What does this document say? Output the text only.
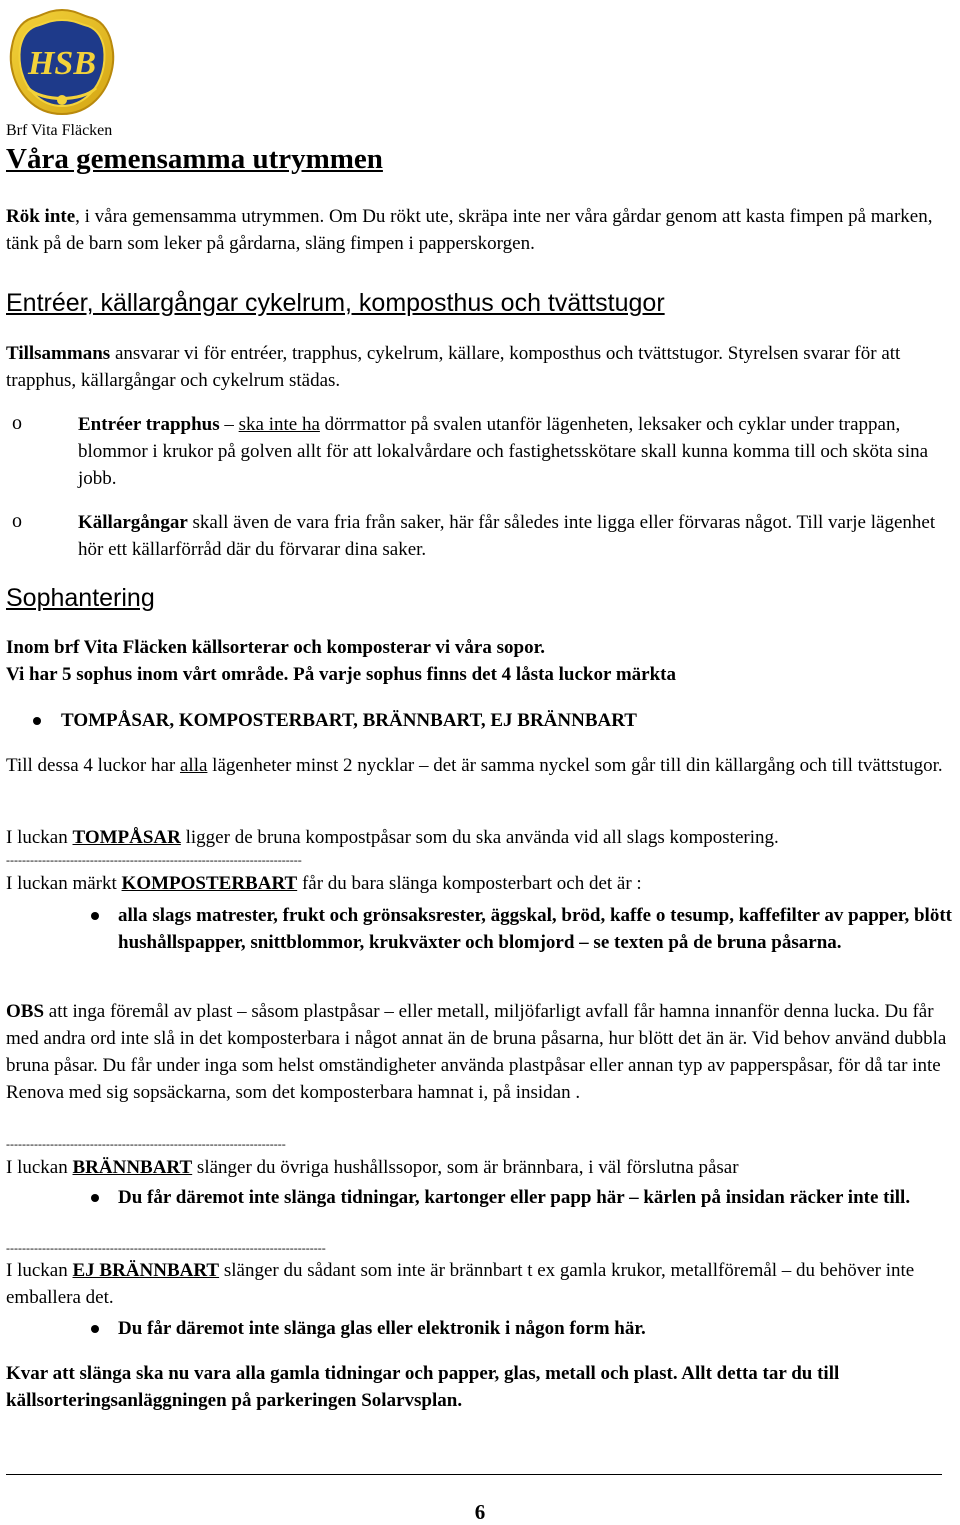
HSB
Brf Vita Fläcken
Våra gemensamma utrymmen
Rök inte, i våra gemensamma utrymmen. Om Du rökt ute, skräpa inte ner våra gårdar genom att kasta fimpen på marken, tänk på de barn som leker på gårdarna, släng fimpen i papperskorgen.
Entréer, källargångar cykelrum, komposthus och tvättstugor
Tillsammans ansvarar vi för entréer, trapphus, cykelrum, källare, komposthus och tvättstugor. Styrelsen svarar för att trapphus, källargångar och cykelrum städas.
o	Entréer trapphus – ska inte ha dörrmattor på svalen utanför lägenheten, leksaker och cyklar under trappan, blommor i krukor på golven allt för att lokalvårdare och fastighetsskötare skall kunna komma till och sköta sina jobb.
o	Källargångar skall även de vara fria från saker, här får således inte ligga eller förvaras något. Till varje lägenhet hör ett källarförråd där du förvarar dina saker.
Sophantering
Inom brf Vita Fläcken källsorterar och komposterar vi våra sopor.
Vi har 5 sophus inom vårt område. På varje sophus finns det 4 låsta luckor märkta
TOMPÅSAR, KOMPOSTERBART, BRÄNNBART, EJ BRÄNNBART
Till dessa 4 luckor har alla lägenheter minst 2 nycklar – det är samma nyckel som går till din källargång och till tvättstugor.
I luckan TOMPÅSAR ligger de bruna kompostpåsar som du ska använda vid all slags kompostering.
--------------------------------------------------------------------------
I luckan märkt KOMPOSTERBART får du bara slänga komposterbart och det är :
alla slags matrester, frukt och grönsaksrester, äggskal, bröd, kaffe o tesump, kaffefilter av papper, blött hushållspapper, snittblommor, krukväxter och blomjord – se texten på de bruna påsarna.
OBS att inga föremål av plast – såsom plastpåsar – eller metall, miljöfarligt avfall får hamna innanför denna lucka. Du får med andra ord inte slå in det komposterbara i något annat än de bruna påsarna, hur blött det än är. Vid behov använd dubbla bruna påsar. Du får under inga som helst omständigheter använda plastpåsar eller annan typ av papperspåsar, för då tar inte Renova med sig sopsäckarna, som det komposterbara hamnat i, på insidan .
----------------------------------------------------------------------
I luckan BRÄNNBART slänger du övriga hushållssopor, som är brännbara, i väl förslutna påsar
Du får däremot inte slänga tidningar, kartonger eller papp här – kärlen på insidan räcker inte till.
--------------------------------------------------------------------------------
I luckan EJ BRÄNNBART slänger du sådant som inte är brännbart t ex gamla krukor, metallföremål – du behöver inte emballera det.
Du får däremot inte slänga glas eller elektronik i någon form här.
Kvar att slänga ska nu vara alla gamla tidningar och papper, glas, metall och plast. Allt detta tar du till källsorteringsanläggningen på parkeringen Solarvsplan.
6
